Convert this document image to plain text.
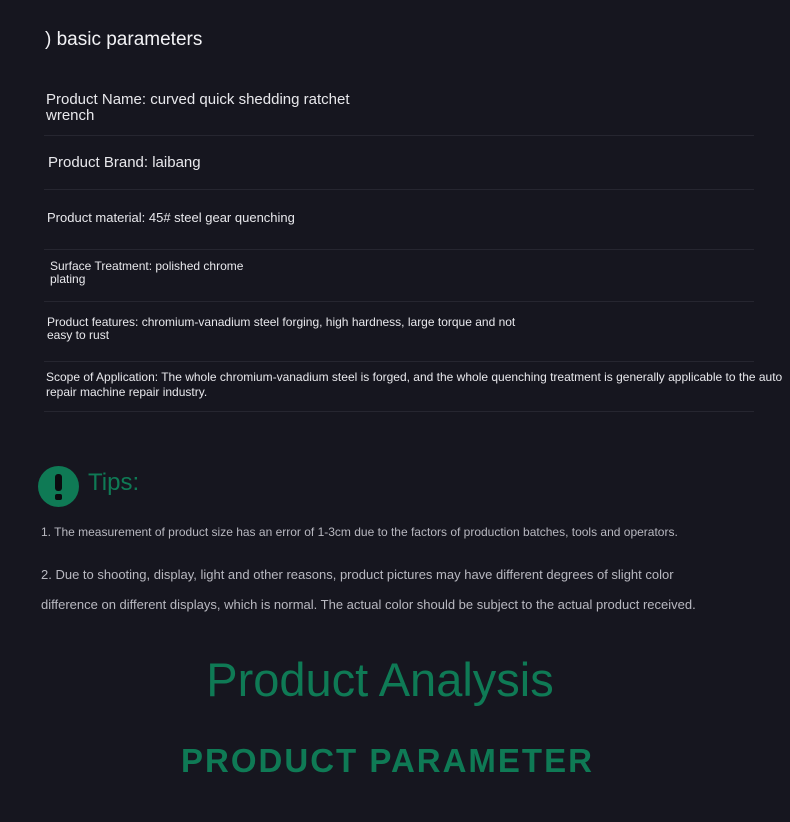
) basic parameters
Product Name: curved quick shedding ratchet wrench
Product Brand: laibang
Product material: 45# steel gear quenching
Surface Treatment: polished chrome plating
Product features: chromium-vanadium steel forging, high hardness, large torque and not easy to rust
Scope of Application: The whole chromium-vanadium steel is forged, and the whole quenching treatment is generally applicable to the auto repair machine repair industry.
Tips:
1. The measurement of product size has an error of 1-3cm due to the factors of production batches, tools and operators.
2. Due to shooting, display, light and other reasons, product pictures may have different degrees of slight color difference on different displays, which is normal. The actual color should be subject to the actual product received.
Product Analysis
PRODUCT PARAMETER
